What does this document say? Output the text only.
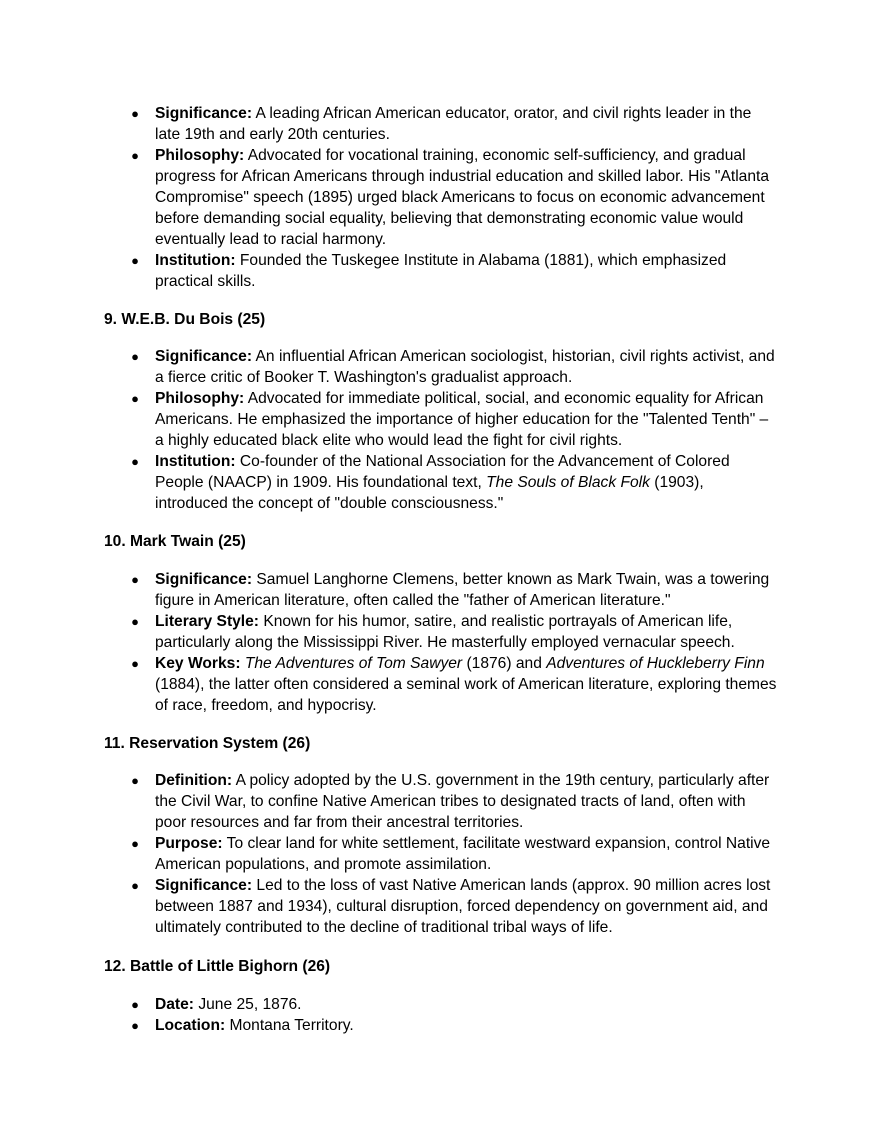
● Significance: A leading African American educator, orator, and civil rights leader in the late 19th and early 20th centuries.
● Philosophy: Advocated for vocational training, economic self-sufficiency, and gradual progress for African Americans through industrial education and skilled labor. His "Atlanta Compromise" speech (1895) urged black Americans to focus on economic advancement before demanding social equality, believing that demonstrating economic value would eventually lead to racial harmony.
● Institution: Founded the Tuskegee Institute in Alabama (1881), which emphasized practical skills.
9. W.E.B. Du Bois (25)
● Significance: An influential African American sociologist, historian, civil rights activist, and a fierce critic of Booker T. Washington's gradualist approach.
● Philosophy: Advocated for immediate political, social, and economic equality for African Americans. He emphasized the importance of higher education for the "Talented Tenth" – a highly educated black elite who would lead the fight for civil rights.
● Institution: Co-founder of the National Association for the Advancement of Colored People (NAACP) in 1909. His foundational text, The Souls of Black Folk (1903), introduced the concept of "double consciousness."
10. Mark Twain (25)
● Significance: Samuel Langhorne Clemens, better known as Mark Twain, was a towering figure in American literature, often called the "father of American literature."
● Literary Style: Known for his humor, satire, and realistic portrayals of American life, particularly along the Mississippi River. He masterfully employed vernacular speech.
● Key Works: The Adventures of Tom Sawyer (1876) and Adventures of Huckleberry Finn (1884), the latter often considered a seminal work of American literature, exploring themes of race, freedom, and hypocrisy.
11. Reservation System (26)
● Definition: A policy adopted by the U.S. government in the 19th century, particularly after the Civil War, to confine Native American tribes to designated tracts of land, often with poor resources and far from their ancestral territories.
● Purpose: To clear land for white settlement, facilitate westward expansion, control Native American populations, and promote assimilation.
● Significance: Led to the loss of vast Native American lands (approx. 90 million acres lost between 1887 and 1934), cultural disruption, forced dependency on government aid, and ultimately contributed to the decline of traditional tribal ways of life.
12. Battle of Little Bighorn (26)
● Date: June 25, 1876.
● Location: Montana Territory.
